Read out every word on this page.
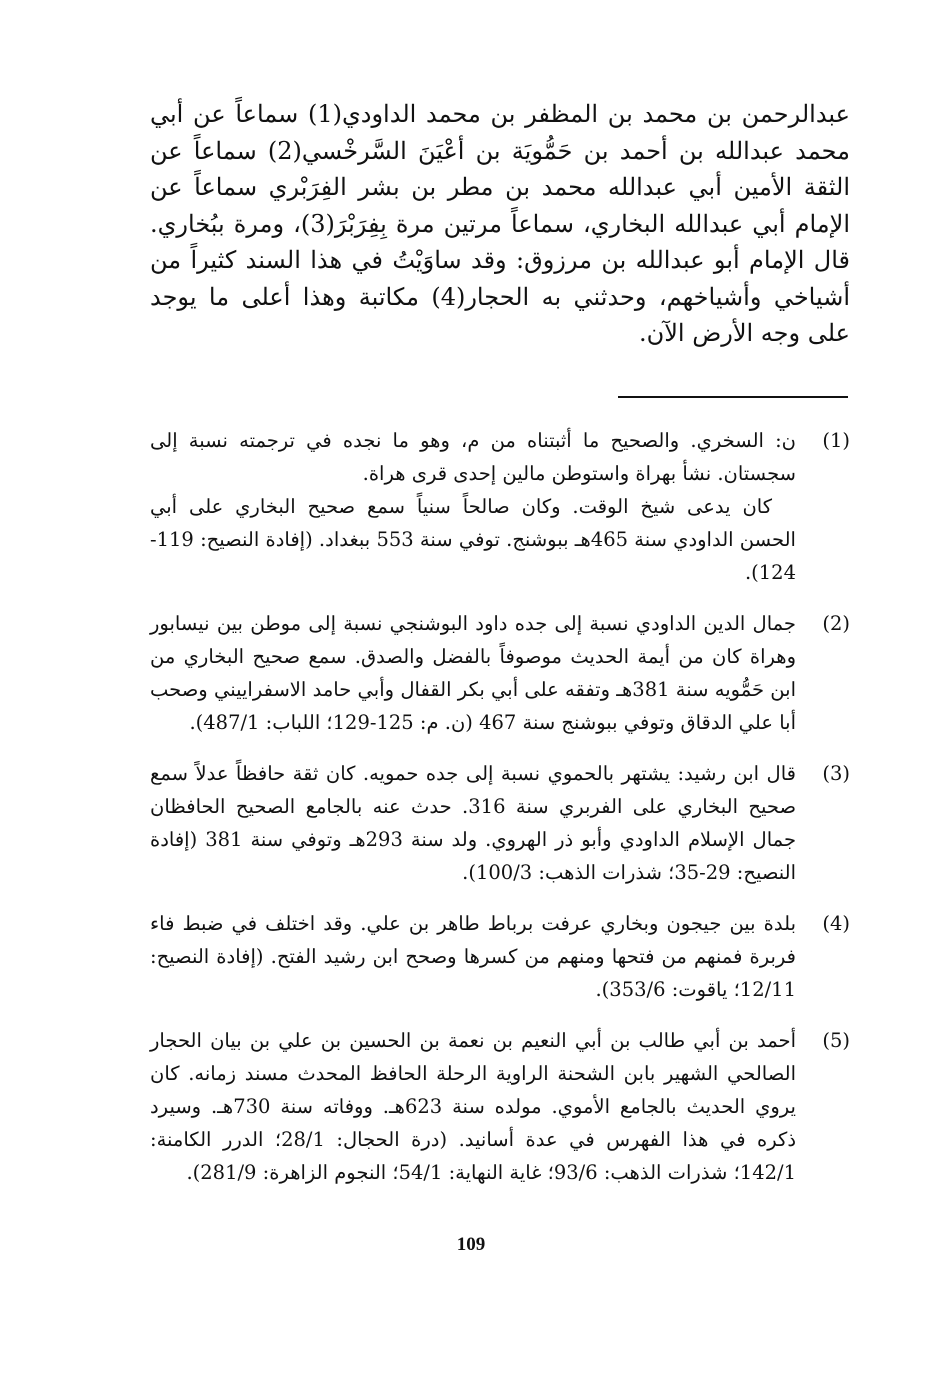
عبدالرحمن بن محمد بن المظفر بن محمد الداودي(1) سماعاً عن أبي محمد عبدالله بن أحمد بن حَمُّويَة بن أعْيَنَ السَّرخْسي(2) سماعاً عن الثقة الأمين أبي عبدالله محمد بن مطر بن بشر الفِرَبْري سماعاً عن الإمام أبي عبدالله البخاري، سماعاً مرتين مرة بِفِرَبْرَ(3)، ومرة ببُخاري. قال الإمام أبو عبدالله بن مرزوق: وقد ساوَيْتُ في هذا السند كثيراً من أشياخي وأشياخهم، وحدثني به الحجار(4) مكاتبة وهذا أعلى ما يوجد على وجه الأرض الآن.

(1)

ن: السخري. والصحيح ما أثبتناه من م، وهو ما نجده في ترجمته نسبة إلى سجستان. نشأ بهراة واستوطن مالين إحدى قرى هراة.

كان يدعى شيخ الوقت. وكان صالحاً سنياً سمع صحيح البخاري على أبي الحسن الداودي سنة 465هـ ببوشنج. توفي سنة 553 ببغداد. (إفادة النصيح: 119-124).

(2)

جمال الدين الداودي نسبة إلى جده داود البوشنجي نسبة إلى موطن بين نيسابور وهراة كان من أيمة الحديث موصوفاً بالفضل والصدق. سمع صحيح البخاري من ابن حَمُّويه سنة 381هـ وتفقه على أبي بكر القفال وأبي حامد الاسفراييني وصحب أبا علي الدقاق وتوفي ببوشنج سنة 467 (ن. م: 125-129؛ اللباب: 487/1).

(3)

قال ابن رشيد: يشتهر بالحموي نسبة إلى جده حمويه. كان ثقة حافظاً عدلاً سمع صحيح البخاري على الفربري سنة 316. حدث عنه بالجامع الصحيح الحافظان جمال الإسلام الداودي وأبو ذر الهروي. ولد سنة 293هـ وتوفي سنة 381 (إفادة النصيح: 29-35؛ شذرات الذهب: 100/3).

(4)

بلدة بين جيجون وبخاري عرفت برباط طاهر بن علي. وقد اختلف في ضبط فاء فربرة فمنهم من فتحها ومنهم من كسرها وصحح ابن رشيد الفتح. (إفادة النصيح: 12/11؛ ياقوت: 353/6).

(5)

أحمد بن أبي طالب بن أبي النعيم بن نعمة بن الحسين بن علي بن بيان الحجار الصالحي الشهير بابن الشحنة الراوية الرحلة الحافظ المحدث مسند زمانه. كان يروي الحديث بالجامع الأموي. مولده سنة 623هـ. ووفاته سنة 730هـ. وسيرد ذكره في هذا الفهرس في عدة أسانيد. (درة الحجال: 28/1؛ الدرر الكامنة: 142/1؛ شذرات الذهب: 93/6؛ غاية النهاية: 54/1؛ النجوم الزاهرة: 281/9).

109
